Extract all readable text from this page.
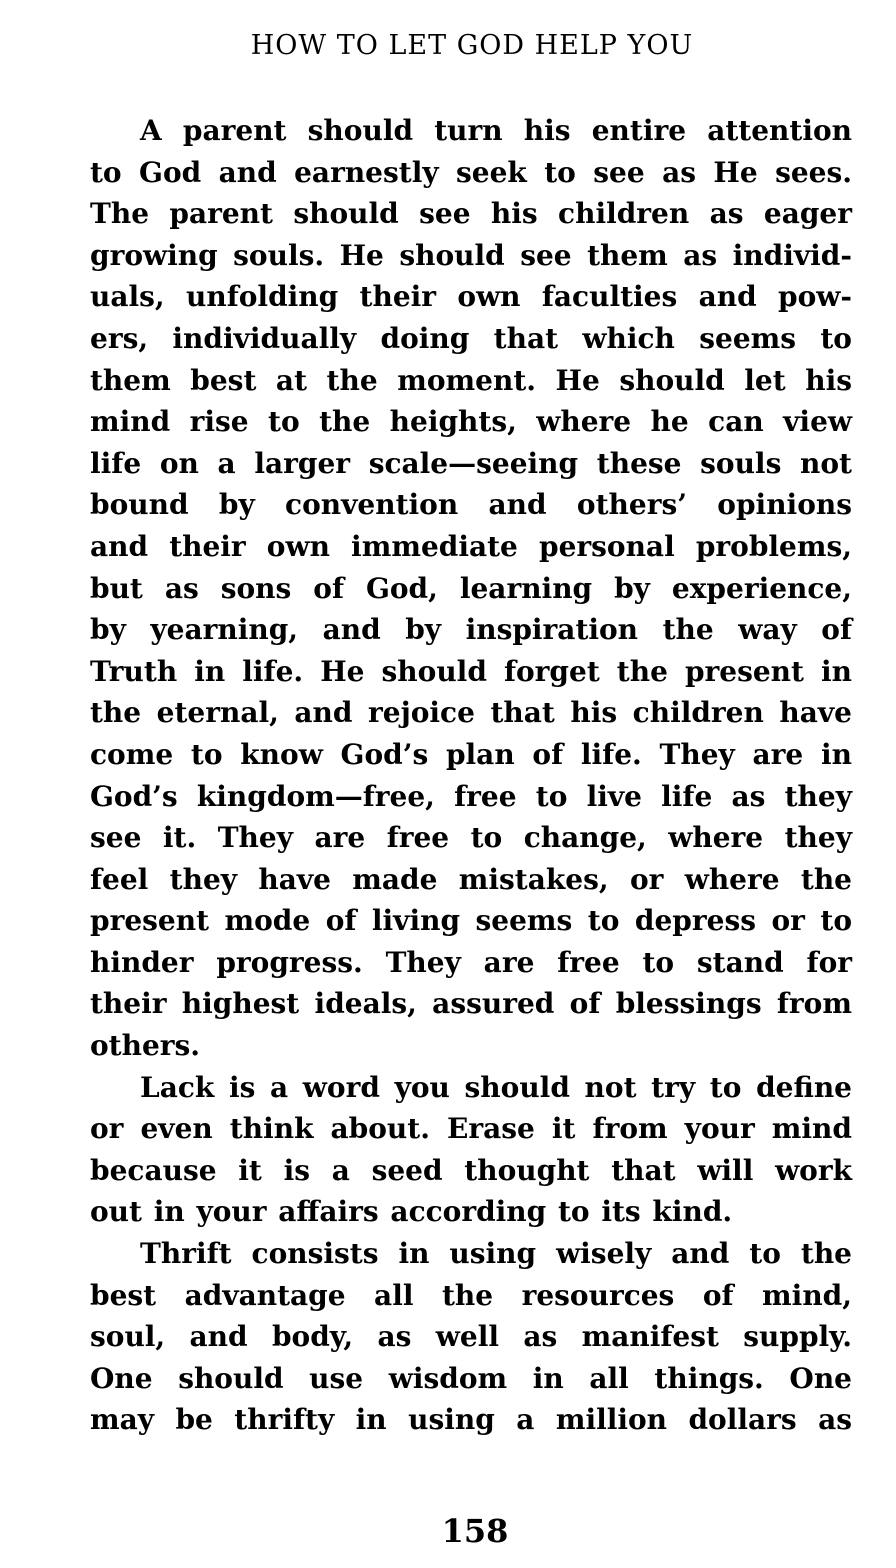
HOW TO LET GOD HELP YOU
A parent should turn his entire attention
to God and earnestly seek to see as He sees.
The parent should see his children as eager
growing souls. He should see them as individ-
uals, unfolding their own faculties and pow-
ers, individually doing that which seems to
them best at the moment. He should let his
mind rise to the heights, where he can view
life on a larger scale—seeing these souls not
bound by convention and others’ opinions
and their own immediate personal problems,
but as sons of God, learning by experience,
by yearning, and by inspiration the way of
Truth in life. He should forget the present in
the eternal, and rejoice that his children have
come to know God’s plan of life. They are in
God’s kingdom—free, free to live life as they
see it. They are free to change, where they
feel they have made mistakes, or where the
present mode of living seems to depress or to
hinder progress. They are free to stand for
their highest ideals, assured of blessings from
others.
Lack is a word you should not try to define
or even think about. Erase it from your mind
because it is a seed thought that will work
out in your affairs according to its kind.
Thrift consists in using wisely and to the
best advantage all the resources of mind,
soul, and body, as well as manifest supply.
One should use wisdom in all things. One
may be thrifty in using a million dollars as
158
